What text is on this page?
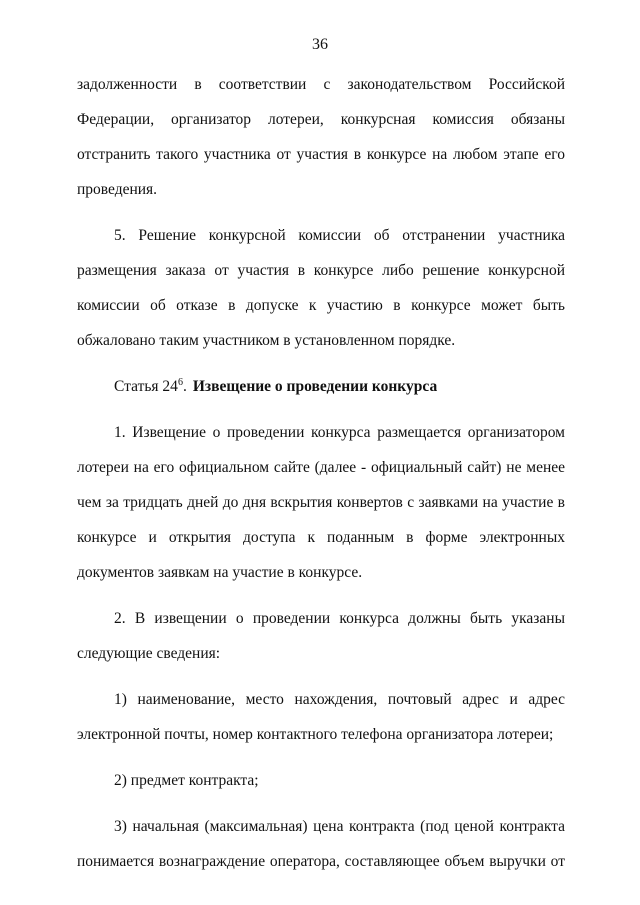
36
задолженности в соответствии с законодательством Российской
Федерации, организатор лотереи, конкурсная комиссия обязаны
отстранить такого участника от участия в конкурсе на любом этапе его
проведения.
5. Решение конкурсной комиссии об отстранении участника
размещения заказа от участия в конкурсе либо решение конкурсной
комиссии об отказе в допуске к участию в конкурсе может быть
обжаловано таким участником в установленном порядке.
Статья $24^6$. Извещение о проведении конкурса
1. Извещение о проведении конкурса размещается организатором
лотереи на его официальном сайте (далее - официальный сайт) не менее
чем за тридцать дней до дня вскрытия конвертов с заявками на участие в
конкурсе и открытия доступа к поданным в форме электронных
документов заявкам на участие в конкурсе.
2. В извещении о проведении конкурса должны быть указаны
следующие сведения:
1) наименование, место нахождения, почтовый адрес и адрес
электронной почты, номер контактного телефона организатора лотереи;
2) предмет контракта;
3) начальная (максимальная) цена контракта (под ценой контракта
понимается вознаграждение оператора, составляющее объем выручки от
